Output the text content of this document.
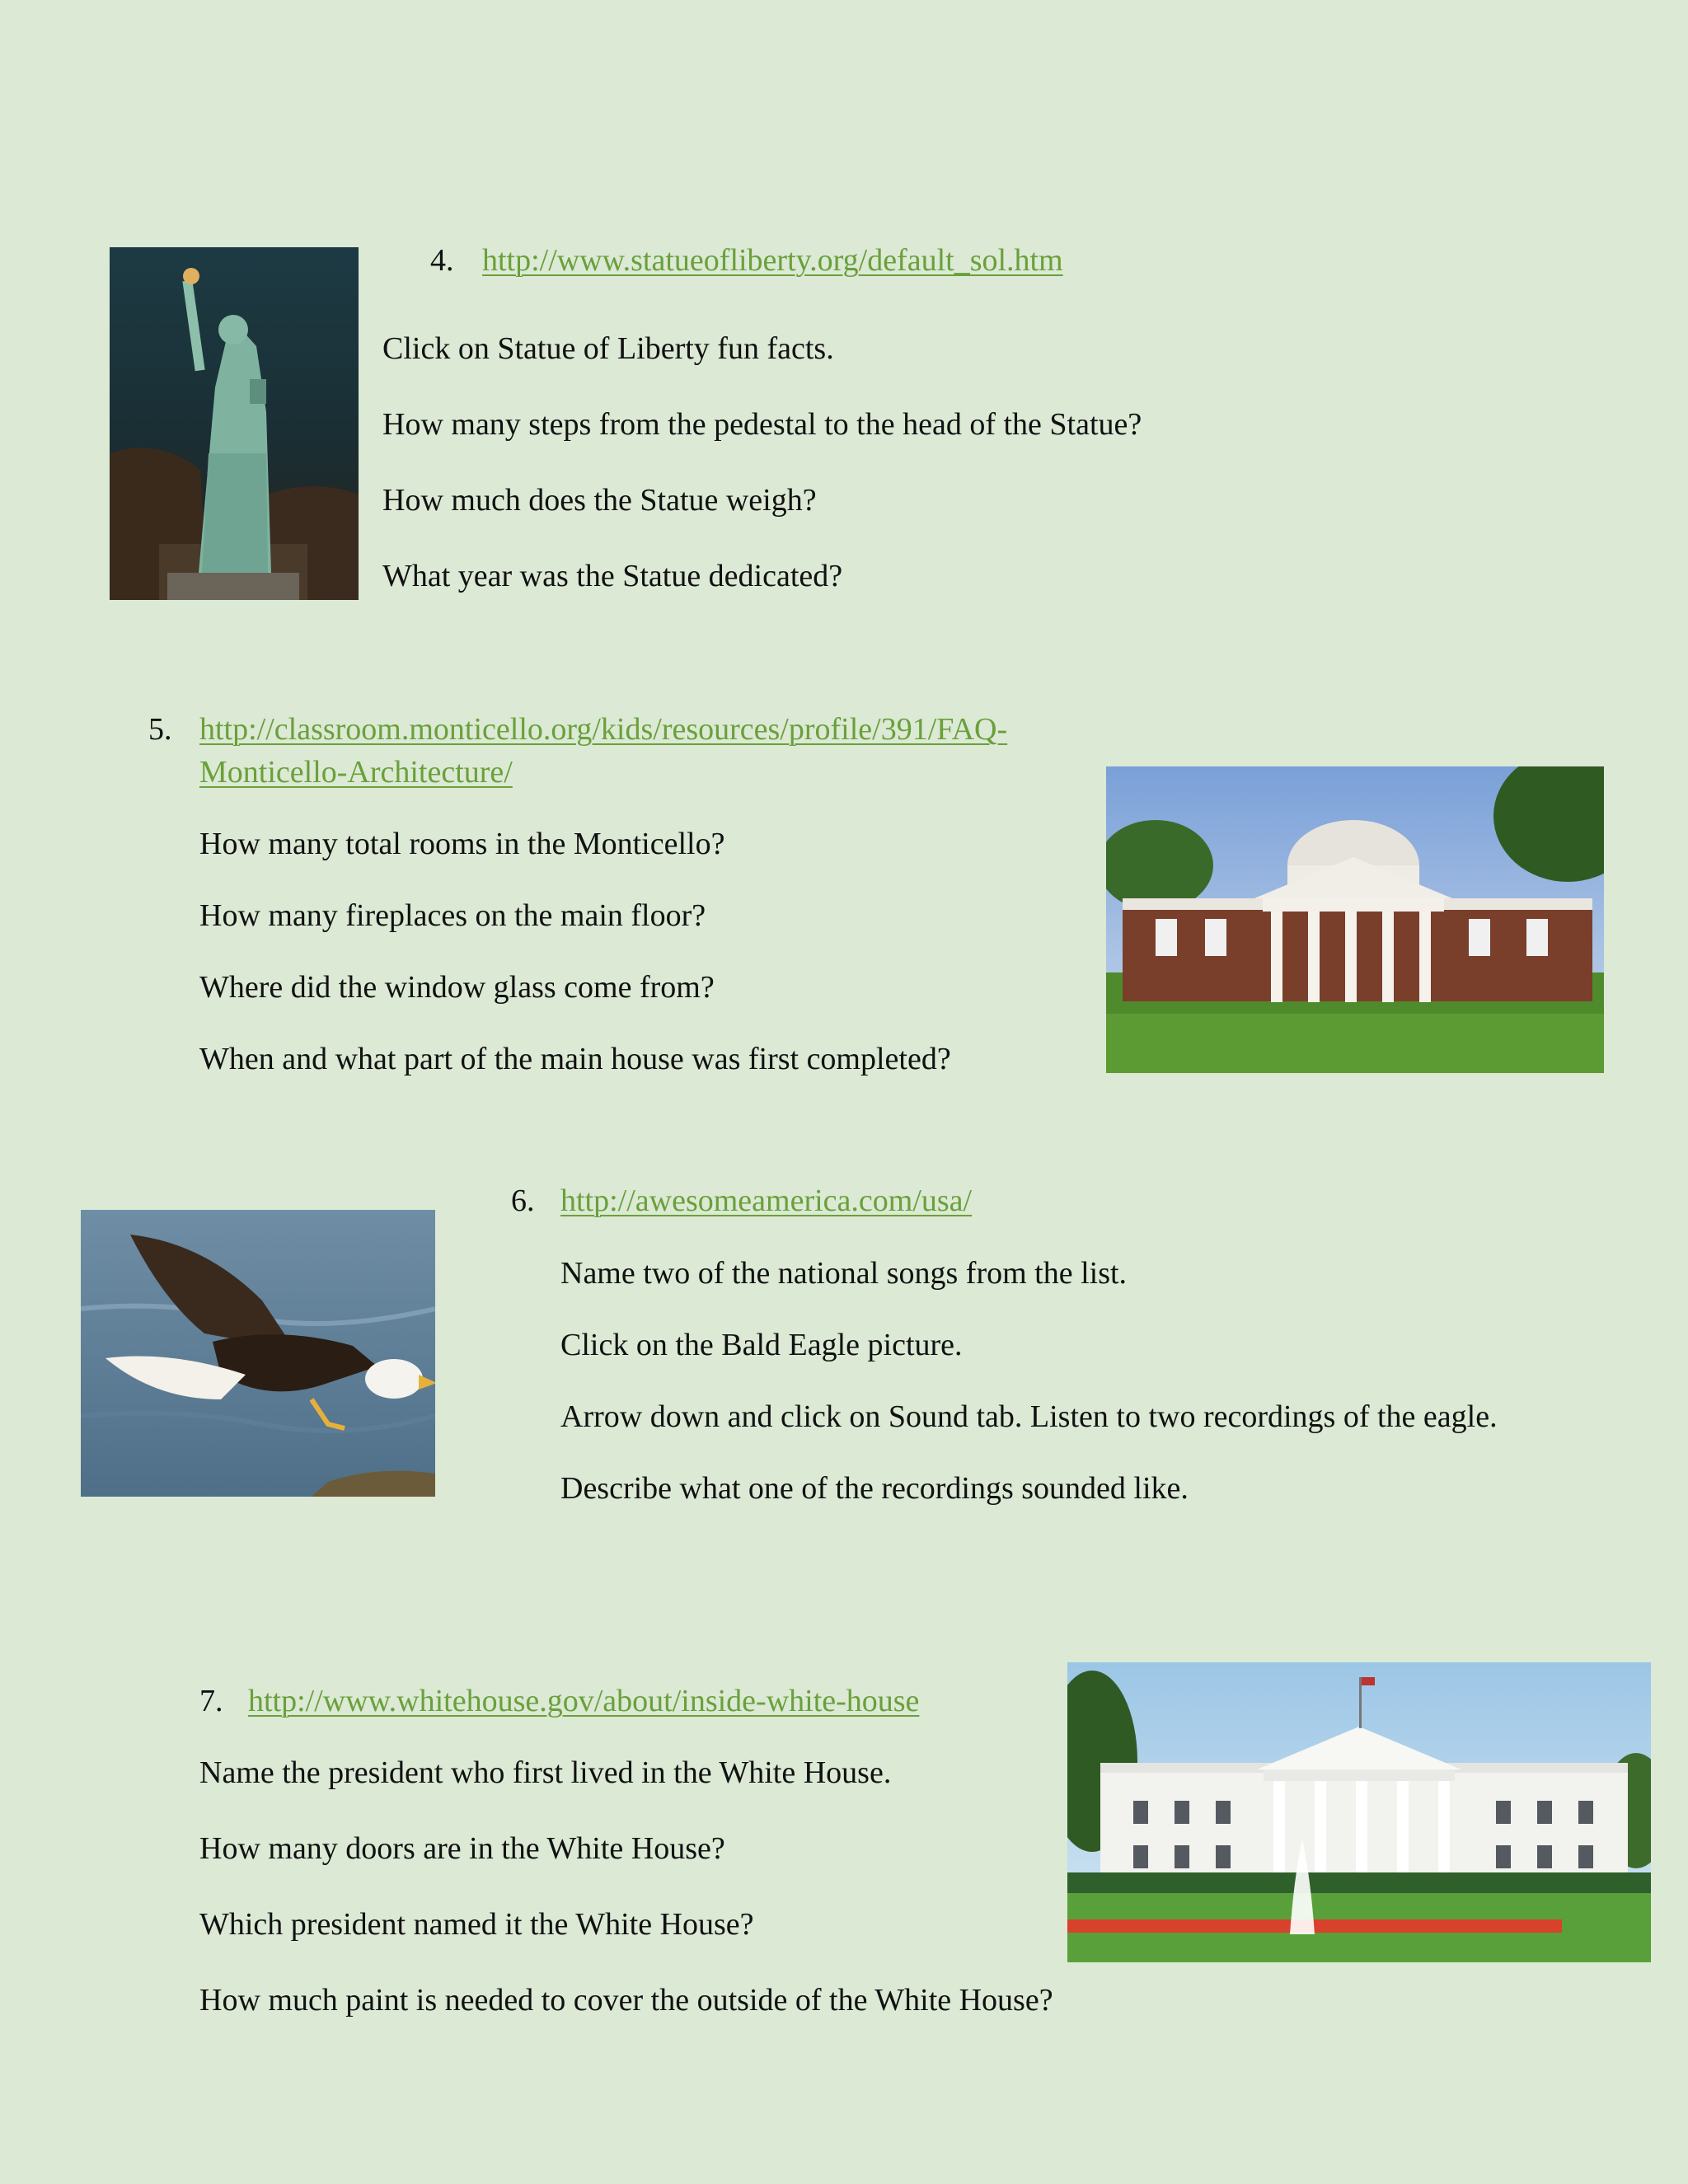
4. http://www.statueofliberty.org/default_sol.htm
Click on Statue of Liberty fun facts.
How many steps from the pedestal to the head of the Statue?
How much does the Statue weigh?
What year was the Statue dedicated?
5. http://classroom.monticello.org/kids/resources/profile/391/FAQ-
Monticello-Architecture/
How many total rooms in the Monticello?
How many fireplaces on the main floor?
Where did the window glass come from?
When and what part of the main house was first completed?
6. http://awesomeamerica.com/usa/
Name two of the national songs from the list.
Click on the Bald Eagle picture.
Arrow down and click on Sound tab. Listen to two recordings of the eagle.
Describe what one of the recordings sounded like.
7. http://www.whitehouse.gov/about/inside-white-house
Name the president who first lived in the White House.
How many doors are in the White House?
Which president named it the White House?
How much paint is needed to cover the outside of the White House?
